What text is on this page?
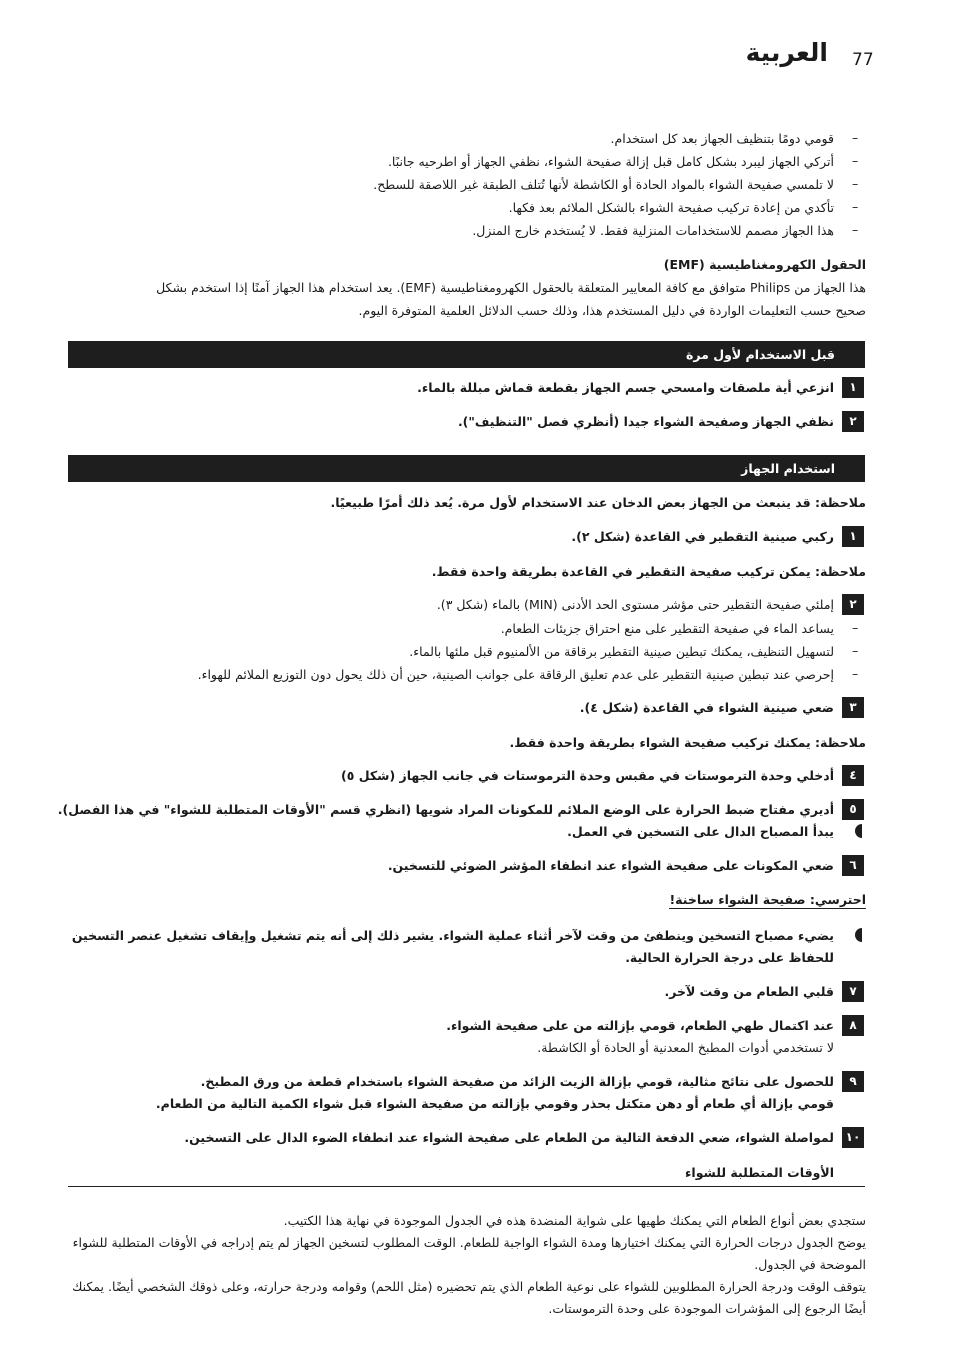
العربية 77
–
قومي دومًا بتنظيف الجهاز بعد كل استخدام.
–
أتركي الجهاز ليبرد بشكل كامل قبل إزالة صفيحة الشواء، نظفي الجهاز أو اطرحيه جانبًا.
–
لا تلمسي صفيحة الشواء بالمواد الحادة أو الكاشطة لأنها تُتلف الطبقة غير اللاصقة للسطح.
–
تأكدي من إعادة تركيب صفيحة الشواء بالشكل الملائم بعد فكها.
–
هذا الجهاز مصمم للاستخدامات المنزلية فقط. لا يُستخدم خارج المنزل.
الحقول الكهرومغناطيسية (EMF)
هذا الجهاز من Philips متوافق مع كافة المعايير المتعلقة بالحقول الكهرومغناطيسية (EMF). يعد استخدام هذا الجهاز آمنًا إذا استخدم بشكل
صحيح حسب التعليمات الواردة في دليل المستخدم هذا، وذلك حسب الدلائل العلمية المتوفرة اليوم.
قبل الاستخدام لأول مرة
١
انزعي أية ملصقات وامسحي جسم الجهاز بقطعة قماش مبللة بالماء.
٢
نظفي الجهاز وصفيحة الشواء جيدا (أنظري فصل "التنظيف").
استخدام الجهاز
ملاحظة: قد ينبعث من الجهاز بعض الدخان عند الاستخدام لأول مرة. يُعد ذلك أمرًا طبيعيًا.
١
ركبي صينية التقطير في القاعدة (شكل ٢).
ملاحظة: يمكن تركيب صفيحة التقطير في القاعدة بطريقة واحدة فقط.
٢
إملئي صفيحة التقطير حتى مؤشر مستوى الحد الأدنى (MIN) بالماء (شكل ٣).
–
يساعد الماء في صفيحة التقطير على منع احتراق جزيئات الطعام.
–
لتسهيل التنظيف، يمكنك تبطين صينية التقطير برقاقة من الألمنيوم قبل ملئها بالماء.
–
إحرصي عند تبطين صينية التقطير على عدم تعليق الرقاقة على جوانب الصينية، حين أن ذلك يحول دون التوزيع الملائم للهواء.
٣
ضعي صينية الشواء في القاعدة (شكل ٤).
ملاحظة: يمكنك تركيب صفيحة الشواء بطريقة واحدة فقط.
٤
أدخلي وحدة الترموستات في مقبس وحدة الترموستات في جانب الجهاز (شكل ٥)
٥
أديري مفتاح ضبط الحرارة على الوضع الملائم للمكونات المراد شويها (انظري قسم "الأوقات المتطلبة للشواء" في هذا الفصل).
يبدأ المصباح الدال على التسخين في العمل.
٦
ضعي المكونات على صفيحة الشواء عند انطفاء المؤشر الضوئي للتسخين.
احترسي: صفيحة الشواء ساخنة!
يضيء مصباح التسخين وينطفئ من وقت لآخر أثناء عملية الشواء. يشير ذلك إلى أنه يتم تشغيل وإيقاف تشغيل عنصر التسخين
للحفاظ على درجة الحرارة الحالية.
٧
قلبي الطعام من وقت لآخر.
٨
عند اكتمال طهي الطعام، قومي بإزالته من على صفيحة الشواء.
لا تستخدمي أدوات المطبخ المعدنية أو الحادة أو الكاشطة.
٩
للحصول على نتائج مثالية، قومي بإزالة الزيت الزائد من صفيحة الشواء باستخدام قطعة من ورق المطبخ.
قومي بإزالة أي طعام أو دهن متكتل بحذر وقومي بإزالته من صفيحة الشواء قبل شواء الكمية التالية من الطعام.
١٠
لمواصلة الشواء، ضعي الدفعة التالية من الطعام على صفيحة الشواء عند انطفاء الضوء الدال على التسخين.
الأوقات المتطلبة للشواء
ستجدي بعض أنواع الطعام التي يمكنك طهيها على شواية المنضدة هذه في الجدول الموجودة في نهاية هذا الكتيب.
يوضح الجدول درجات الحرارة التي يمكنك اختيارها ومدة الشواء الواجبة للطعام. الوقت المطلوب لتسخين الجهاز لم يتم إدراجه في الأوقات المتطلبة للشواء الموضحة في الجدول.
يتوقف الوقت ودرجة الحرارة المطلوبين للشواء على نوعية الطعام الذي يتم تحضيره (مثل اللحم) وقوامه ودرجة حرارته، وعلى ذوقك الشخصي أيضًا. يمكنك أيضًا الرجوع إلى المؤشرات الموجودة على وحدة الترموستات.
